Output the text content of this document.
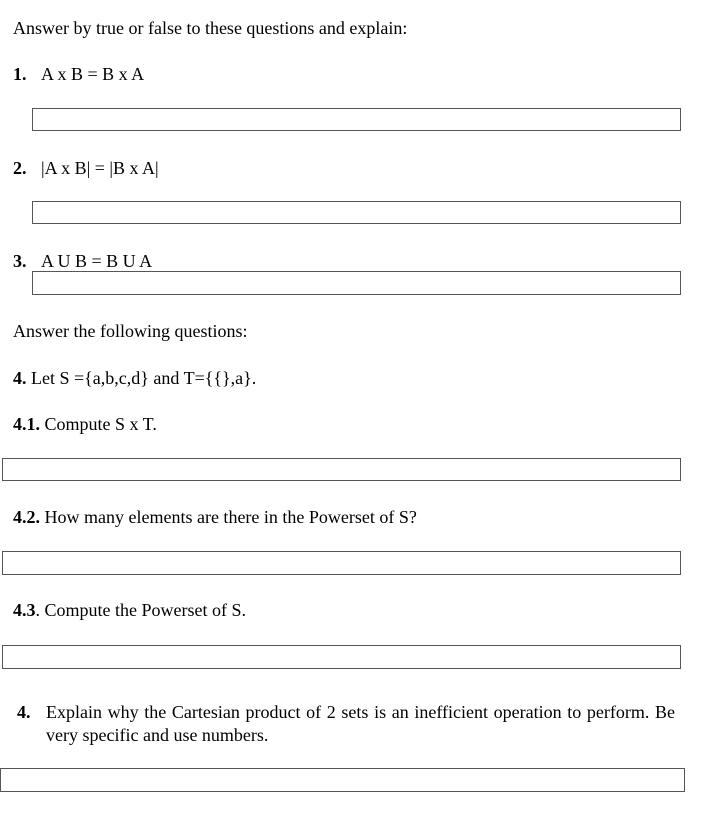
Answer by true or false to these questions and explain:
1. A x B = B x A
2. |A x B| = |B x A|
3. A U B = B U A
Answer the following questions:
4. Let S ={a,b,c,d} and T={{},a}.
4.1. Compute S x T.
4.2. How many elements are there in the Powerset of S?
4.3. Compute the Powerset of S.
4. Explain why the Cartesian product of 2 sets is an inefficient operation to perform. Be very specific and use numbers.
